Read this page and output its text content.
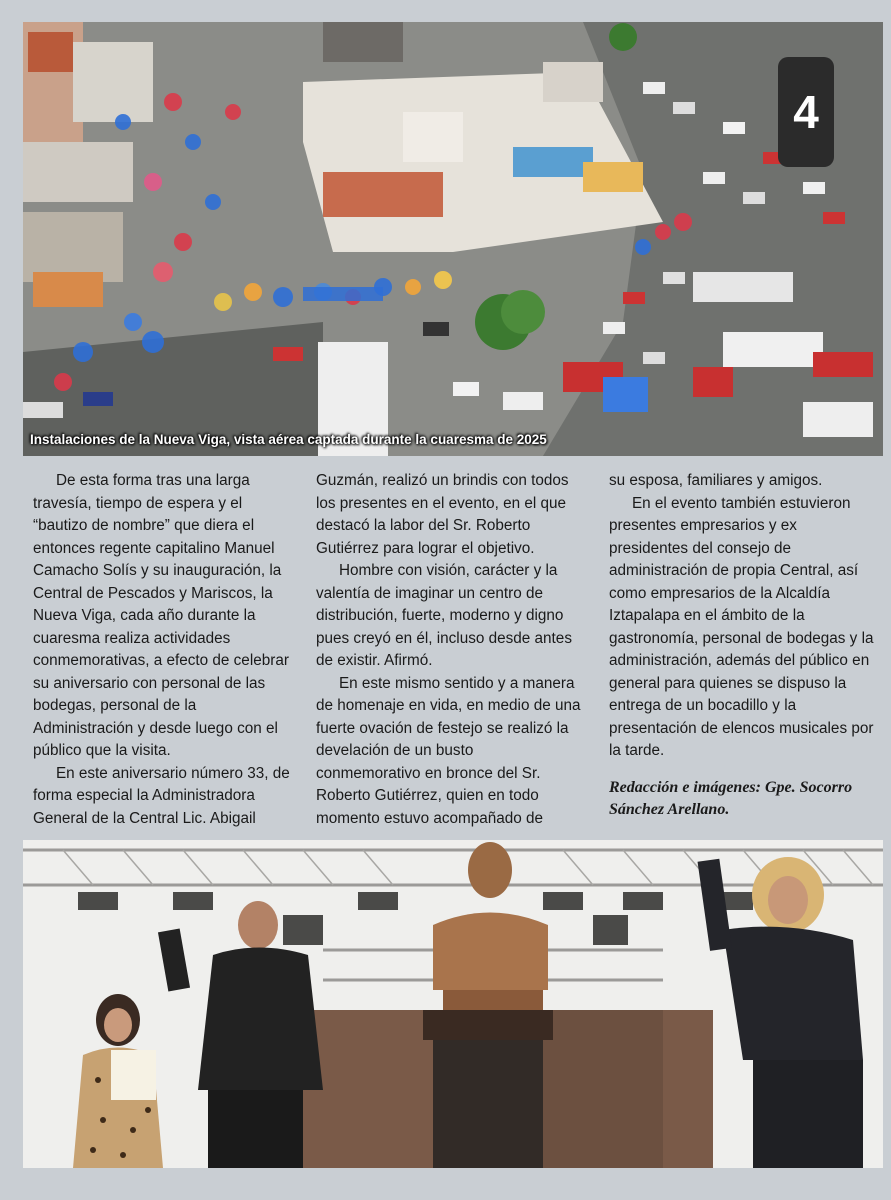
4
Instalaciones de la Nueva Viga, vista aérea captada durante la cuaresma de 2025

De esta forma tras una larga travesía, tiempo de espera y el “bautizo de nombre” que diera el entonces regente capitalino Manuel Camacho Solís y su inauguración, la Central de Pescados y Mariscos, la Nueva Viga, cada año durante la cuaresma realiza actividades conmemorativas, a efecto de celebrar su aniversario con personal de las bodegas, personal de la Administración y desde luego con el público que la visita.

En este aniversario número 33, de forma especial la Administradora General de la Central Lic. Abigail

Guzmán, realizó un brindis con todos los presentes en el evento, en el que destacó la labor del Sr. Roberto Gutiérrez para lograr el objetivo.

Hombre con visión, carácter y la valentía de imaginar un centro de distribución, fuerte, moderno y digno pues creyó en él, incluso desde antes de existir. Afirmó.

En este mismo sentido y a manera de homenaje en vida, en medio de una fuerte ovación de festejo se realizó la develación de un busto conmemorativo en bronce del Sr. Roberto Gutiérrez, quien en todo momento estuvo acompañado de

su esposa, familiares y amigos.

En el evento también estuvieron presentes empresarios y ex presidentes del consejo de administración de propia Central, así como empresarios de la Alcaldía Iztapalapa en el ámbito de la gastronomía, personal de bodegas y la administración, además del público en general para quienes se dispuso la entrega de un bocadillo y la presentación de elencos musicales por la tarde.

Redacción e imágenes: Gpe. Socorro Sánchez Arellano.
